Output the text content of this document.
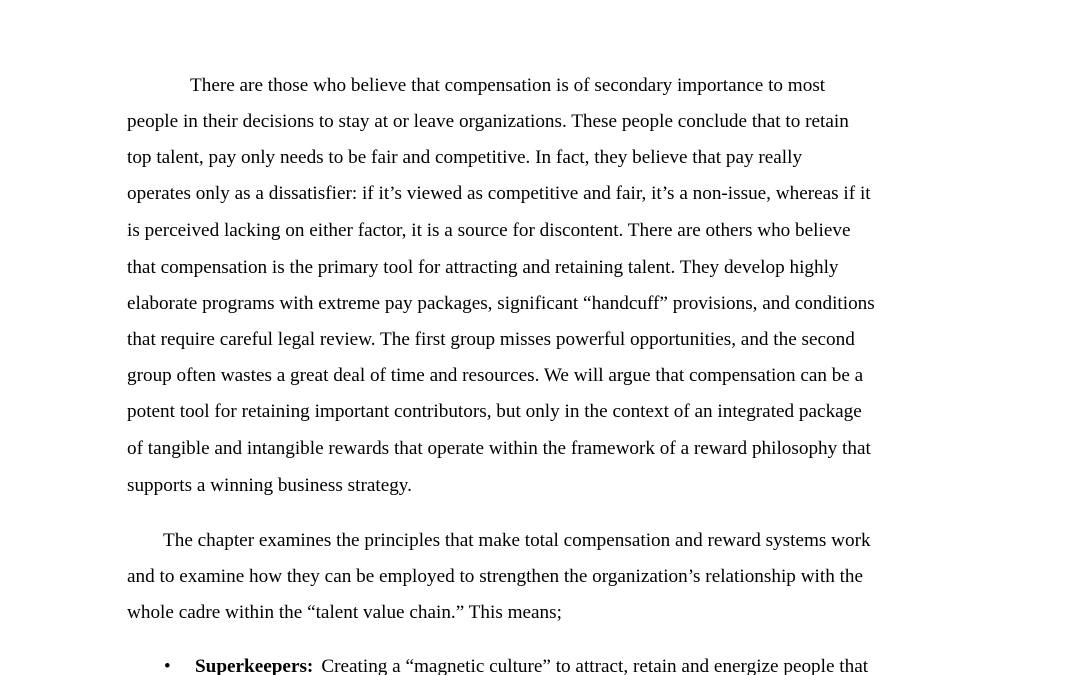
There are those who believe that compensation is of secondary importance to most
people in their decisions to stay at or leave organizations. These people conclude that to retain
top talent, pay only needs to be fair and competitive. In fact, they believe that pay really
operates only as a dissatisfier: if it’s viewed as competitive and fair, it’s a non-issue, whereas if it
is perceived lacking on either factor, it is a source for discontent. There are others who believe
that compensation is the primary tool for attracting and retaining talent. They develop highly
elaborate programs with extreme pay packages, significant “handcuff” provisions, and conditions
that require careful legal review. The first group misses powerful opportunities, and the second
group often wastes a great deal of time and resources. We will argue that compensation can be a
potent tool for retaining important contributors, but only in the context of an integrated package
of tangible and intangible rewards that operate within the framework of a reward philosophy that
supports a winning business strategy.
The chapter examines the principles that make total compensation and reward systems work
and to examine how they can be employed to strengthen the organization’s relationship with the
whole cadre within the “talent value chain.” This means;
•	Superkeepers: Creating a “magnetic culture” to attract, retain and energize people that
